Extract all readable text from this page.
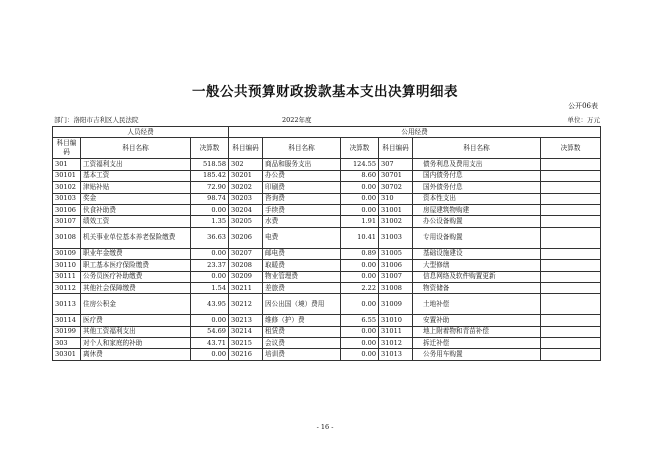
一般公共预算财政拨款基本支出决算明细表
公开06表
部门：洛阳市吉利区人民法院	2022年度	单位：万元
人员经费			公用经费					
科目编码	科目名称	决算数	科目编码	科目名称	决算数	科目编码	科目名称	决算数
301	工资福利支出	518.58	302	商品和服务支出	124.55	307	债务利息及费用支出	
30101	基本工资	185.42	30201	办公费	8.60	30701	国内债务付息	
30102	津贴补贴	72.90	30202	印刷费	0.00	30702	国外债务付息	
30103	奖金	98.74	30203	咨询费	0.00	310	资本性支出	
30106	伙食补助费	0.00	30204	手续费	0.00	31001	房屋建筑物购建	
30107	绩效工资	1.35	30205	水费	1.91	31002	办公设备购置	
30108	机关事业单位基本养老保险缴费	36.63	30206	电费	10.41	31003	专用设备购置	
30109	职业年金缴费	0.00	30207	邮电费	0.89	31005	基础设施建设	
30110	职工基本医疗保险缴费	23.37	30208	取暖费	0.00	31006	大型修缮	
30111	公务员医疗补助缴费	0.00	30209	物业管理费	0.00	31007	信息网络及软件购置更新	
30112	其他社会保障缴费	1.54	30211	差旅费	2.22	31008	物资储备	
30113	住房公积金	43.95	30212	因公出国（境）费用	0.00	31009	土地补偿	
30114	医疗费	0.00	30213	维修（护）费	6.55	31010	安置补助	
30199	其他工资福利支出	54.69	30214	租赁费	0.00	31011	地上附着物和青苗补偿	
303	对个人和家庭的补助	43.71	30215	会议费	0.00	31012	拆迁补偿	
30301	离休费	0.00	30216	培训费	0.00	31013	公务用车购置	
- 16 -
